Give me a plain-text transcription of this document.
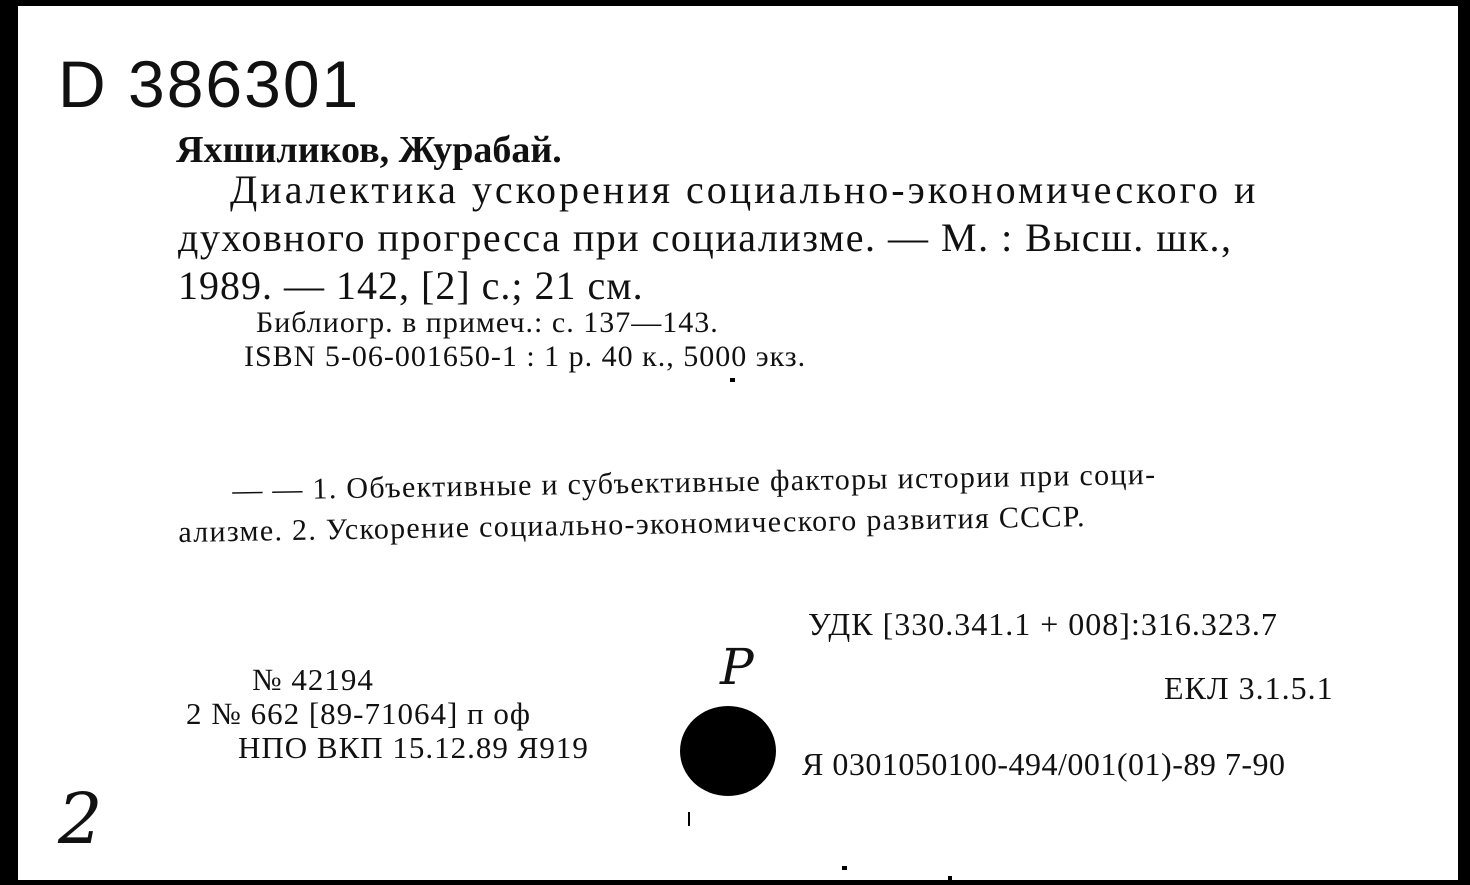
D 386301
Яхшиликов, Журабай.
Диалектика ускорения социально-экономического и
духовного прогресса при социализме. — М. : Высш. шк.,
1989. — 142, [2] с.; 21 см.
Библиогр. в примеч.: с. 137—143.
ISBN 5-06-001650-1 : 1 р. 40 к., 5000 экз.
— — 1. Объективные и субъективные факторы истории при соци-
ализме. 2. Ускорение социально-экономического развития СССР.
УДК [330.341.1 + 008]:316.323.7
ЕКЛ 3.1.5.1
Я 0301050100-494/001(01)-89 7-90
№ 42194
2 № 662 [89-71064] п оф
НПО ВКП 15.12.89 Я919
Р
2
